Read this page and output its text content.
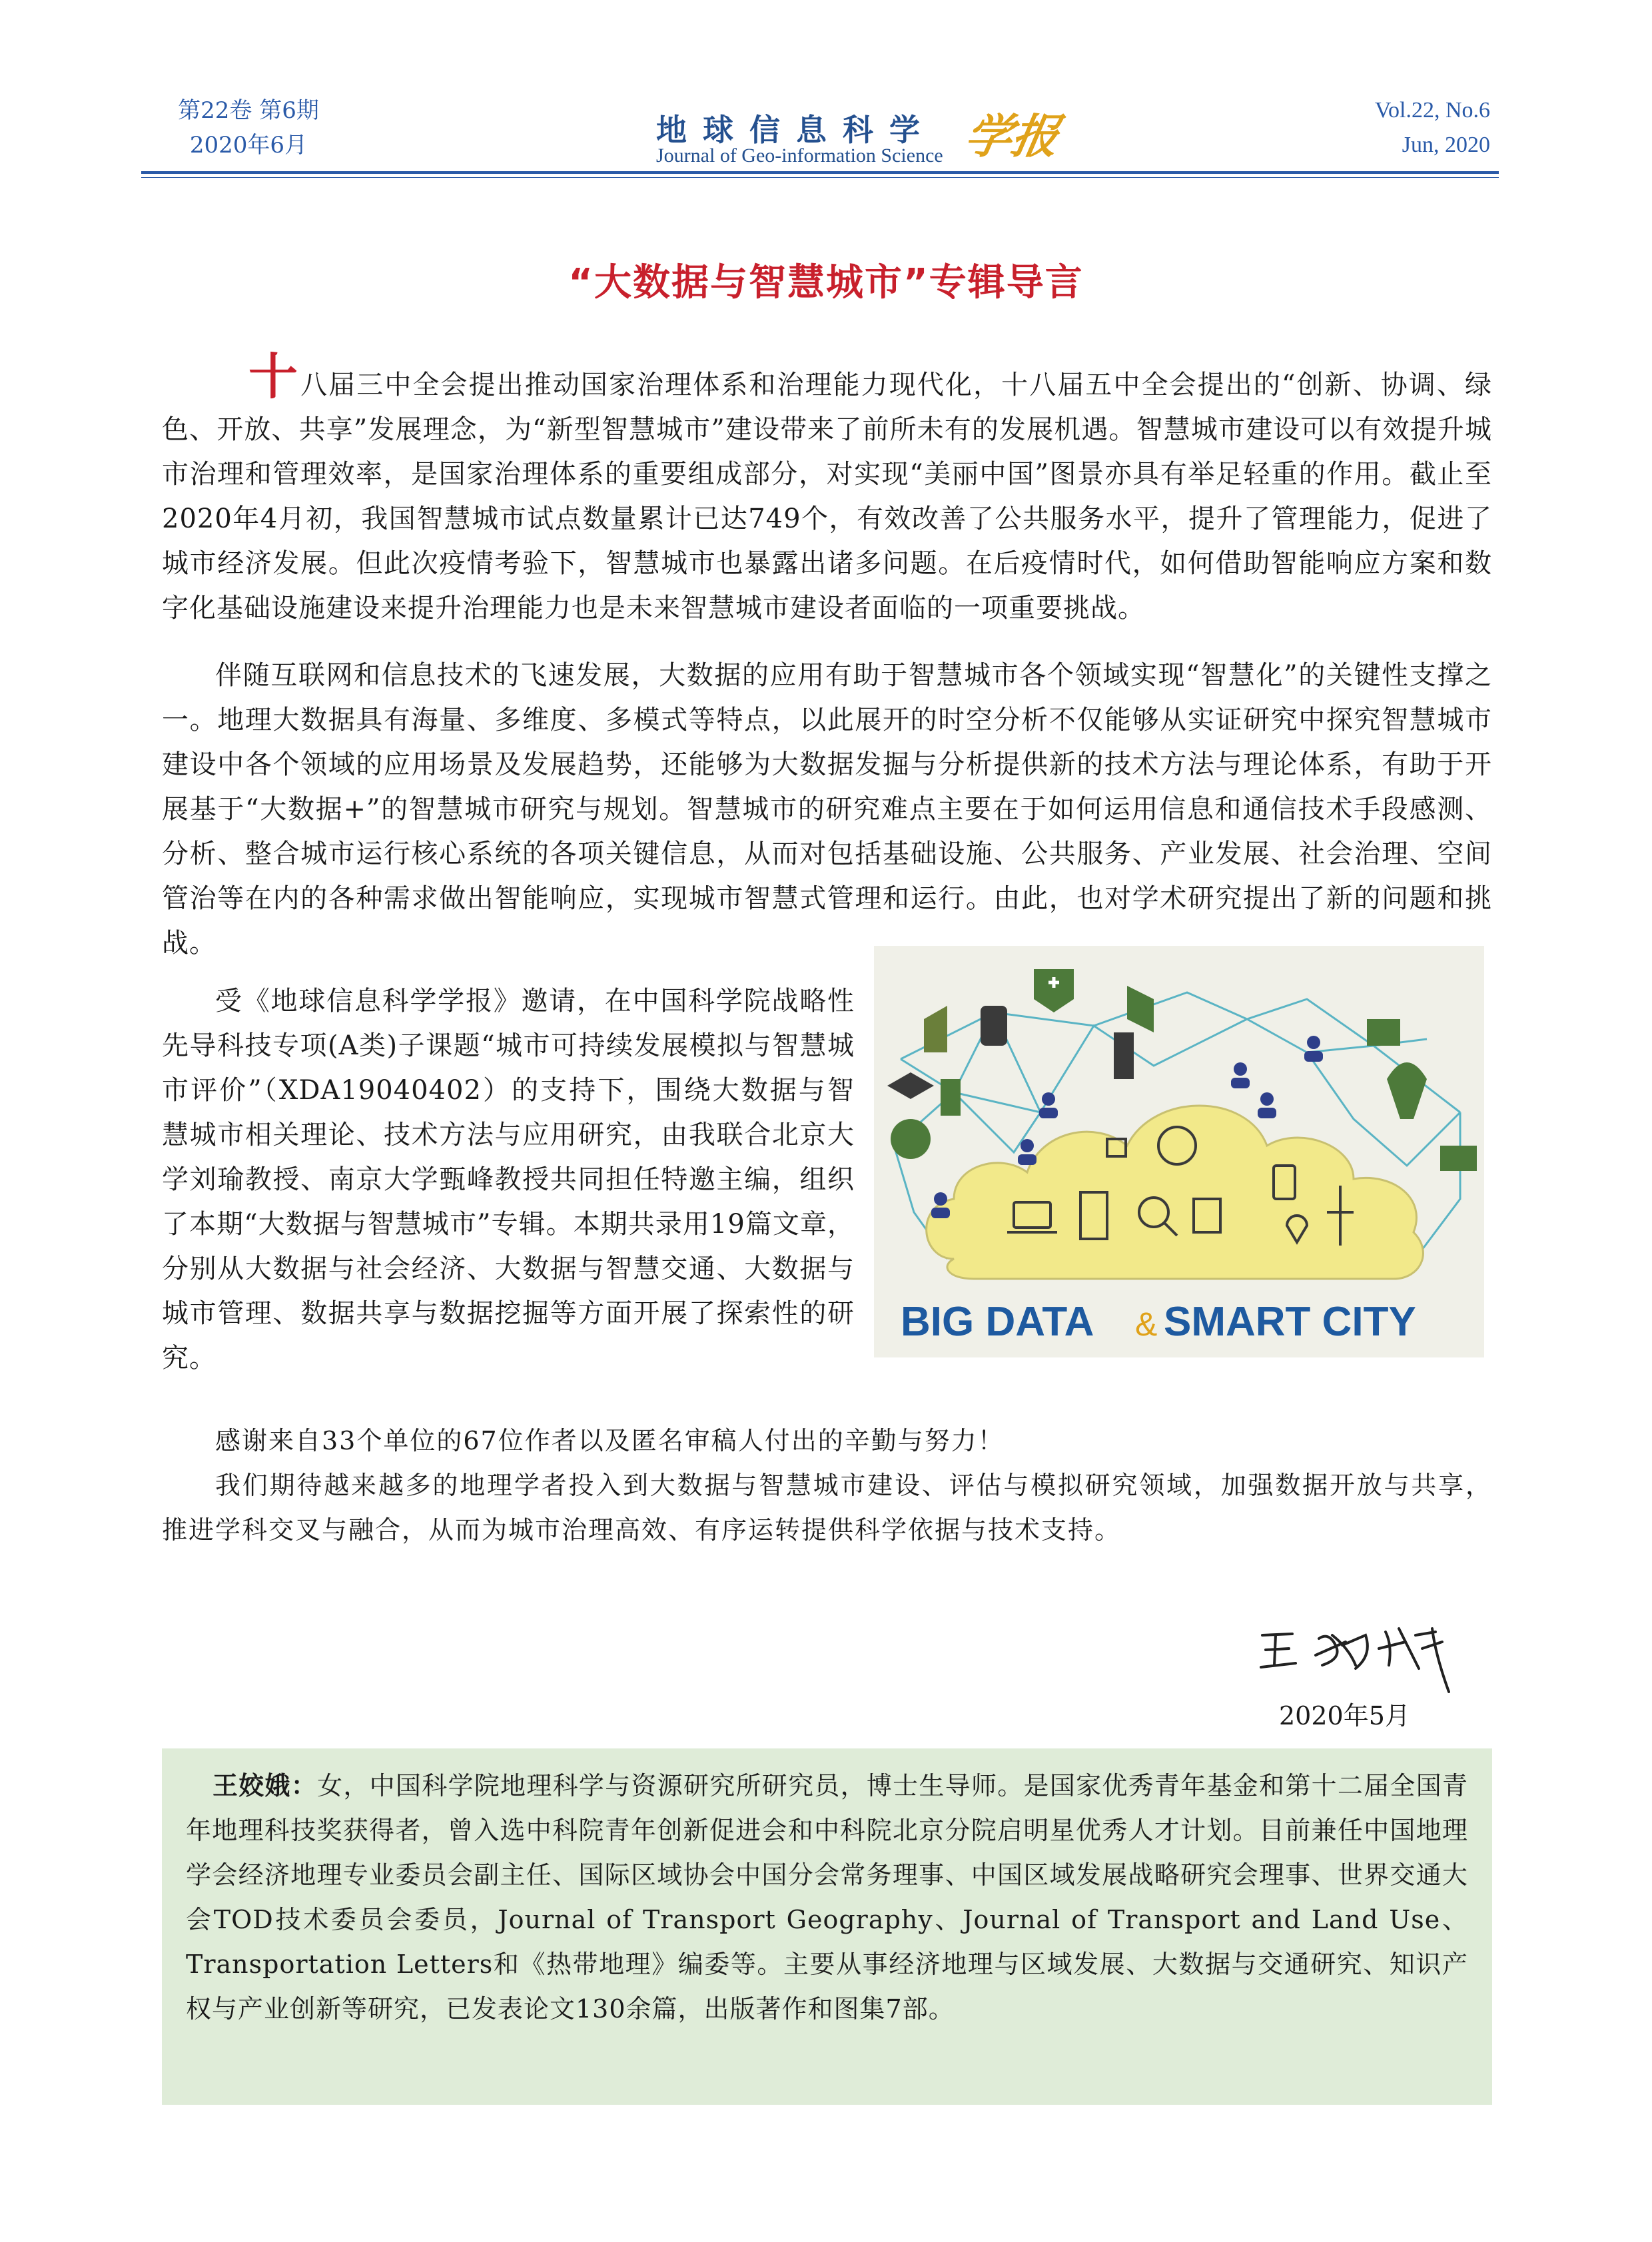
第22卷 第6期
2020年6月	地球信息科学 学报
Journal of Geo-information Science
Vol.22, No.6
Jun, 2020
“大数据与智慧城市”专辑导言

十八届三中全会提出推动国家治理体系和治理能力现代化，十八届五中全会提出的“创新、协调、绿色、开放、共享”发展理念，为“新型智慧城市”建设带来了前所未有的发展机遇。智慧城市建设可以有效提升城市治理和管理效率，是国家治理体系的重要组成部分，对实现“美丽中国”图景亦具有举足轻重的作用。截止至2020年4月初，我国智慧城市试点数量累计已达749个，有效改善了公共服务水平，提升了管理能力，促进了城市经济发展。但此次疫情考验下，智慧城市也暴露出诸多问题。在后疫情时代，如何借助智能响应方案和数字化基础设施建设来提升治理能力也是未来智慧城市建设者面临的一项重要挑战。

伴随互联网和信息技术的飞速发展，大数据的应用有助于智慧城市各个领域实现“智慧化”的关键性支撑之一。地理大数据具有海量、多维度、多模式等特点，以此展开的时空分析不仅能够从实证研究中探究智慧城市建设中各个领域的应用场景及发展趋势，还能够为大数据发掘与分析提供新的技术方法与理论体系，有助于开展基于“大数据+”的智慧城市研究与规划。智慧城市的研究难点主要在于如何运用信息和通信技术手段感测、分析、整合城市运行核心系统的各项关键信息，从而对包括基础设施、公共服务、产业发展、社会治理、空间管治等在内的各种需求做出智能响应，实现城市智慧式管理和运行。由此，也对学术研究提出了新的问题和挑战。

受《地球信息科学学报》邀请，在中国科学院战略性先导科技专项(A类)子课题“城市可持续发展模拟与智慧城市评价”（XDA19040402）的支持下，围绕大数据与智慧城市相关理论、技术方法与应用研究，由我联合北京大学刘瑜教授、南京大学甄峰教授共同担任特邀主编，组织了本期“大数据与智慧城市”专辑。本期共录用19篇文章，分别从大数据与社会经济、大数据与智慧交通、大数据与城市管理、数据共享与数据挖掘等方面开展了探索性的研究。

BIG DATA & SMART CITY

感谢来自33个单位的67位作者以及匿名审稿人付出的辛勤与努力！

我们期待越来越多的地理学者投入到大数据与智慧城市建设、评估与模拟研究领域，加强数据开放与共享，推进学科交叉与融合，从而为城市治理高效、有序运转提供科学依据与技术支持。

2020年5月

王姣娥：女，中国科学院地理科学与资源研究所研究员，博士生导师。是国家优秀青年基金和第十二届全国青年地理科技奖获得者，曾入选中科院青年创新促进会和中科院北京分院启明星优秀人才计划。目前兼任中国地理学会经济地理专业委员会副主任、国际区域协会中国分会常务理事、中国区域发展战略研究会理事、世界交通大会TOD技术委员会委员，Journal of Transport Geography、Journal of Transport and Land Use、Transportation Letters和《热带地理》编委等。主要从事经济地理与区域发展、大数据与交通研究、知识产权与产业创新等研究，已发表论文130余篇，出版著作和图集7部。
